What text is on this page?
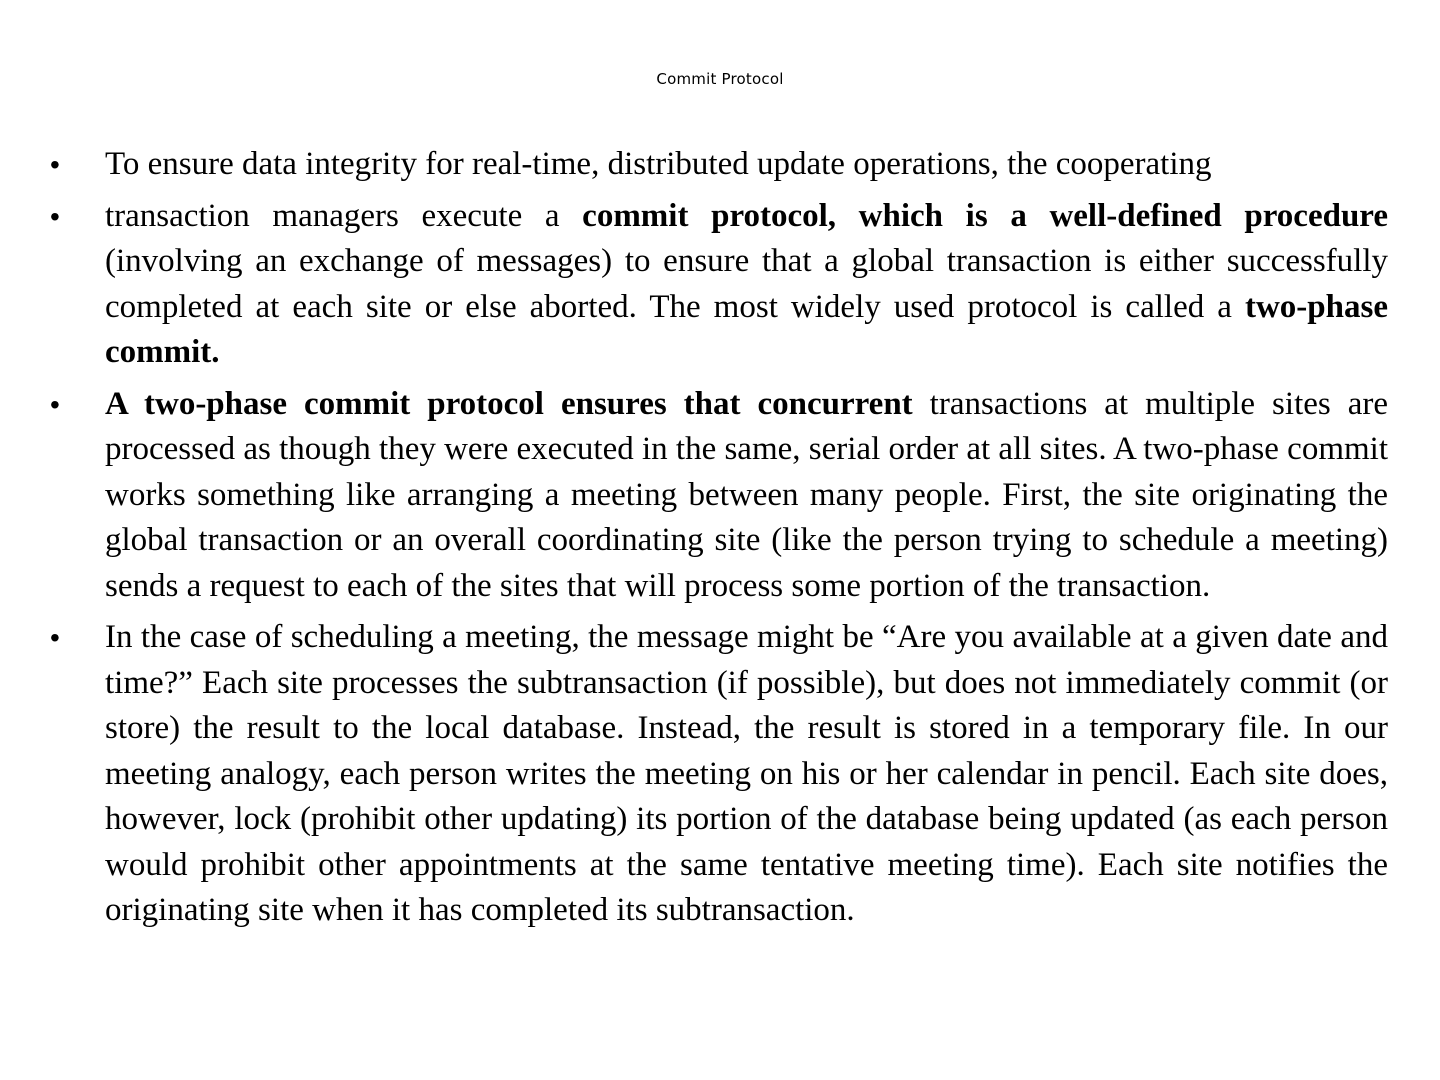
Commit Protocol
•	To ensure data integrity for real-time, distributed update operations, the cooperating
•	transaction managers execute a commit protocol, which is a well-defined procedure (involving an exchange of messages) to ensure that a global transaction is either successfully completed at each site or else aborted. The most widely used protocol is called a two-phase commit.
•	A two-phase commit protocol ensures that concurrent transactions at multiple sites are processed as though they were executed in the same, serial order at all sites. A two-phase commit works something like arranging a meeting between many people. First, the site originating the global transaction or an overall coordinating site (like the person trying to schedule a meeting) sends a request to each of the sites that will process some portion of the transaction.
•	In the case of scheduling a meeting, the message might be “Are you available at a given date and time?” Each site processes the subtransaction (if possible), but does not immediately commit (or store) the result to the local database. Instead, the result is stored in a temporary file. In our meeting analogy, each person writes the meeting on his or her calendar in pencil. Each site does, however, lock (prohibit other updating) its portion of the database being updated (as each person would prohibit other appointments at the same tentative meeting time). Each site notifies the originating site when it has completed its subtransaction.
